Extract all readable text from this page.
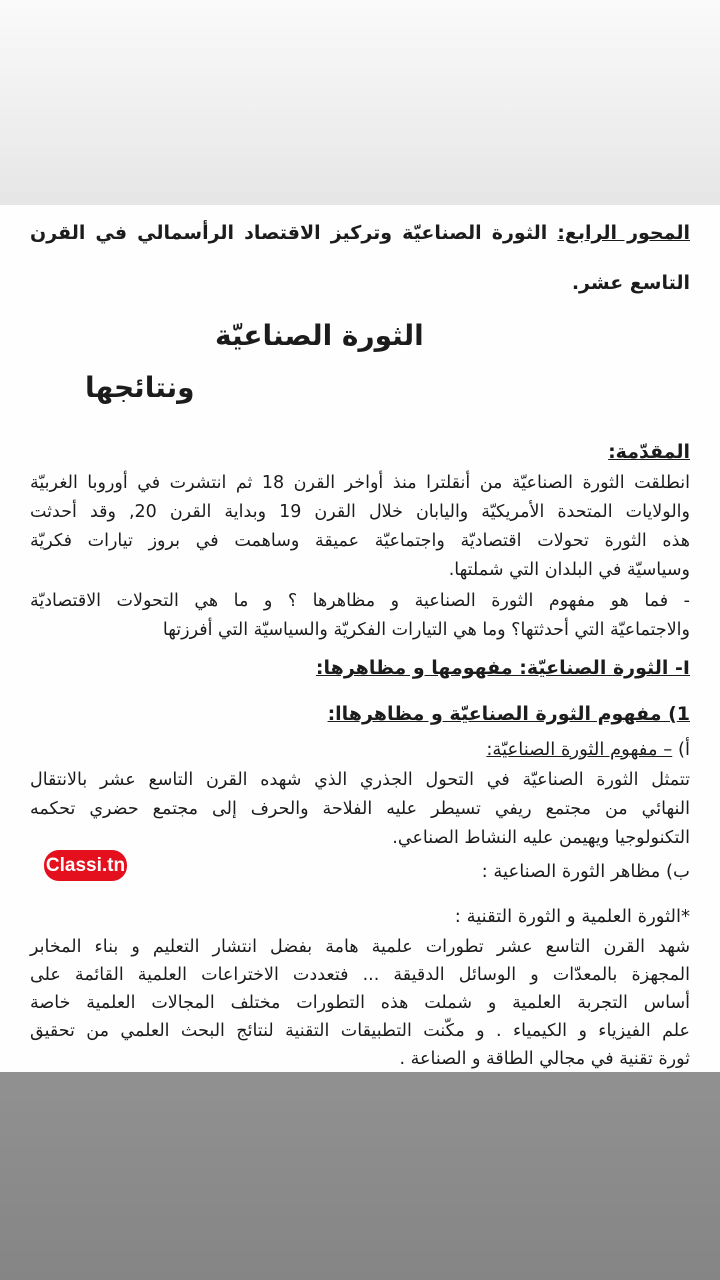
المحور الرابع: الثورة الصناعيّة وتركيز الاقتصاد الرأسمالي في القرن
التاسع عشر.
الثورة الصناعيّة
ونتائجها
المقدّمة:
انطلقت الثورة الصناعيّة من أنقلترا منذ أواخر القرن 18 ثم انتشرت في أوروبا الغربيّة
والولايات المتحدة الأمريكيّة واليابان خلال القرن 19 وبداية القرن 20, وقد أحدثت
هذه الثورة تحولات اقتصاديّة واجتماعيّة عميقة وساهمت في بروز تيارات فكريّة
وسياسيّة في البلدان التي شملتها.
- فما هو مفهوم الثورة الصناعية و مظاهرها ؟ و ما هي التحولات الاقتصاديّة
والاجتماعيّة التي أحدثتها؟ وما هي التيارات الفكريّة والسياسيّة التي أفرزتها
I- الثورة الصناعيّة: مفهومها و مظاهرها:
1) مفهوم الثورة الصناعيّة و مظاهرهاا:
أ) – مفهوم الثورة الصناعيّة:
تتمثل الثورة الصناعيّة في التحول الجذري الذي شهده القرن التاسع عشر بالانتقال
النهائي من مجتمع ريفي تسيطر عليه الفلاحة والحرف إلى مجتمع حضري تحكمه
التكنولوجيا ويهيمن عليه النشاط الصناعي.
ب) مظاهر الثورة الصناعية :
*الثورة العلمية و الثورة التقنية :
شهد القرن التاسع عشر تطورات علمية هامة بفضل انتشار التعليم و بناء المخابر
المجهزة بالمعدّات و الوسائل الدقيقة ... فتعددت الاختراعات العلمية القائمة على
أساس التجربة العلمية و شملت هذه التطورات مختلف المجالات العلمية خاصة
علم الفيزياء و الكيمياء . و مكّنت التطبيقات التقنية لنتائج البحث العلمي من تحقيق
ثورة تقنية في مجالي الطاقة و الصناعة .
Classi.tn
